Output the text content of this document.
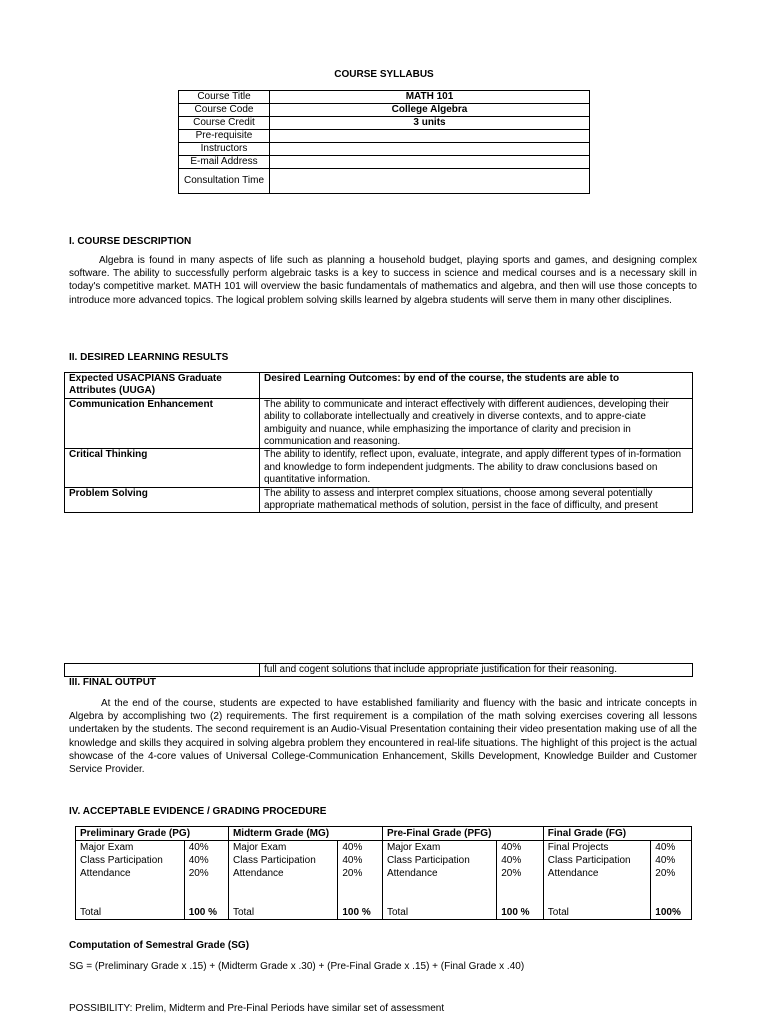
COURSE SYLLABUS
Course Title	MATH 101
Course Code	College Algebra
Course Credit	3 units
Pre-requisite	
Instructors	
E-mail Address	
Consultation Time	
I. COURSE DESCRIPTION
Algebra is found in many aspects of life such as planning a household budget, playing sports and games, and designing complex software. The ability to successfully perform algebraic tasks is a key to success in science and medical courses and is a necessary skill in today's competitive market. MATH 101 will overview the basic fundamentals of mathematics and algebra, and then will use those concepts to introduce more advanced topics. The logical problem solving skills learned by algebra students will serve them in many other disciplines.
II. DESIRED LEARNING RESULTS
Expected USACPIANS Graduate Attributes (UUGA)	Desired Learning Outcomes: by end of the course, the students are able to
Communication Enhancement	The ability to communicate and interact effectively with different audiences, developing their ability to collaborate intellectually and creatively in diverse contexts, and to appre-ciate ambiguity and nuance, while emphasizing the importance of clarity and precision in communication and reasoning.
Critical Thinking	The ability to identify, reflect upon, evaluate, integrate, and apply different types of in-formation and knowledge to form independent judgments. The ability to draw conclusions based on quantitative information.
Problem Solving	The ability to assess and interpret complex situations, choose among several potentially appropriate mathematical methods of solution, persist in the face of difficulty, and present
	full and cogent solutions that include appropriate justification for their reasoning.
III. FINAL OUTPUT
At the end of the course, students are expected to have established familiarity and fluency with the basic and intricate concepts in Algebra by accomplishing two (2) requirements. The first requirement is a compilation of the math solving exercises covering all lessons undertaken by the students. The second requirement is an Audio-Visual Presentation containing their video presentation making use of all the knowledge and skills they acquired in solving algebra problem they encountered in real-life situations. The highlight of this project is the actual showcase of the 4-core values of Universal College-Communication Enhancement, Skills Development, Knowledge Builder and Customer Service Provider.
IV. ACCEPTABLE EVIDENCE / GRADING PROCEDURE
Preliminary Grade (PG)		Midterm Grade (MG)		Pre-Final Grade (PFG)		Final Grade (FG)	
Major Exam	40%	Major Exam	40%	Major Exam	40%	Final Projects	40%
Class Participation	40%	Class Participation	40%	Class Participation	40%	Class Participation	40%
Attendance	20%	Attendance	20%	Attendance	20%	Attendance	20%
Total	100 %	Total	100 %	Total	100 %	Total	100%
Computation of Semestral Grade (SG)
SG = (Preliminary Grade x .15) + (Midterm Grade x .30) + (Pre-Final Grade x .15) + (Final Grade x .40)
POSSIBILITY: Prelim, Midterm and Pre-Final Periods have similar set of assessment
